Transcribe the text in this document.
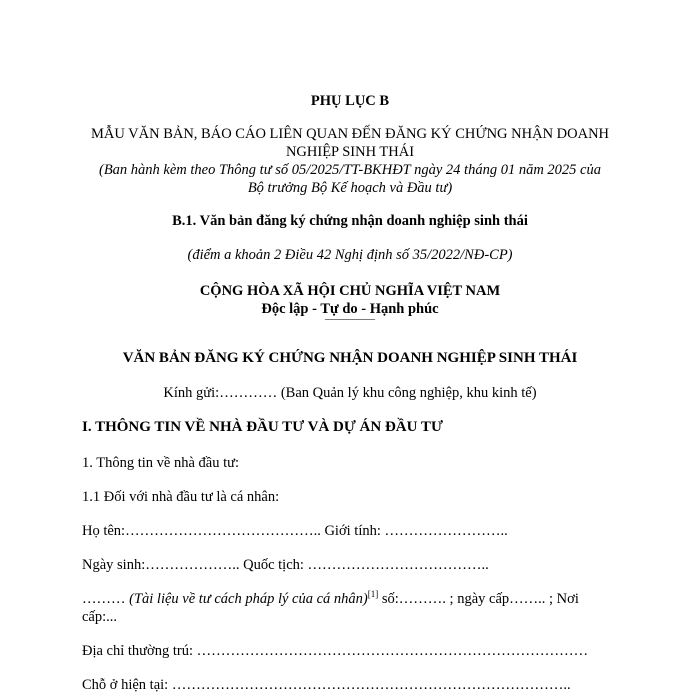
PHỤ LỤC B
MẪU VĂN BẢN, BÁO CÁO LIÊN QUAN ĐẾN ĐĂNG KÝ CHỨNG NHẬN DOANH
NGHIỆP SINH THÁI
(Ban hành kèm theo Thông tư số 05/2025/TT-BKHĐT ngày 24 tháng 01 năm 2025 của
Bộ trưởng Bộ Kế hoạch và Đầu tư)
B.1. Văn bản đăng ký chứng nhận doanh nghiệp sinh thái
(điểm a khoản 2 Điều 42 Nghị định số 35/2022/NĐ-CP)
CỘNG HÒA XÃ HỘI CHỦ NGHĨA VIỆT NAM
Độc lập - Tự do - Hạnh phúc
—————
VĂN BẢN ĐĂNG KÝ CHỨNG NHẬN DOANH NGHIỆP SINH THÁI
Kính gửi:………… (Ban Quản lý khu công nghiệp, khu kinh tế)
I. THÔNG TIN VỀ NHÀ ĐẦU TƯ VÀ DỰ ÁN ĐẦU TƯ
1. Thông tin về nhà đầu tư:
1.1 Đối với nhà đầu tư là cá nhân:
Họ tên:………………………………….. Giới tính: ……………………..
Ngày sinh:……………….. Quốc tịch: ………………………………..
……… (Tài liệu về tư cách pháp lý của cá nhân)[1] số:………. ; ngày cấp…….. ; Nơi
cấp:...
Địa chỉ thường trú: ………………………………………………………………………
Chỗ ở hiện tại: ………………………………………………………………………..
